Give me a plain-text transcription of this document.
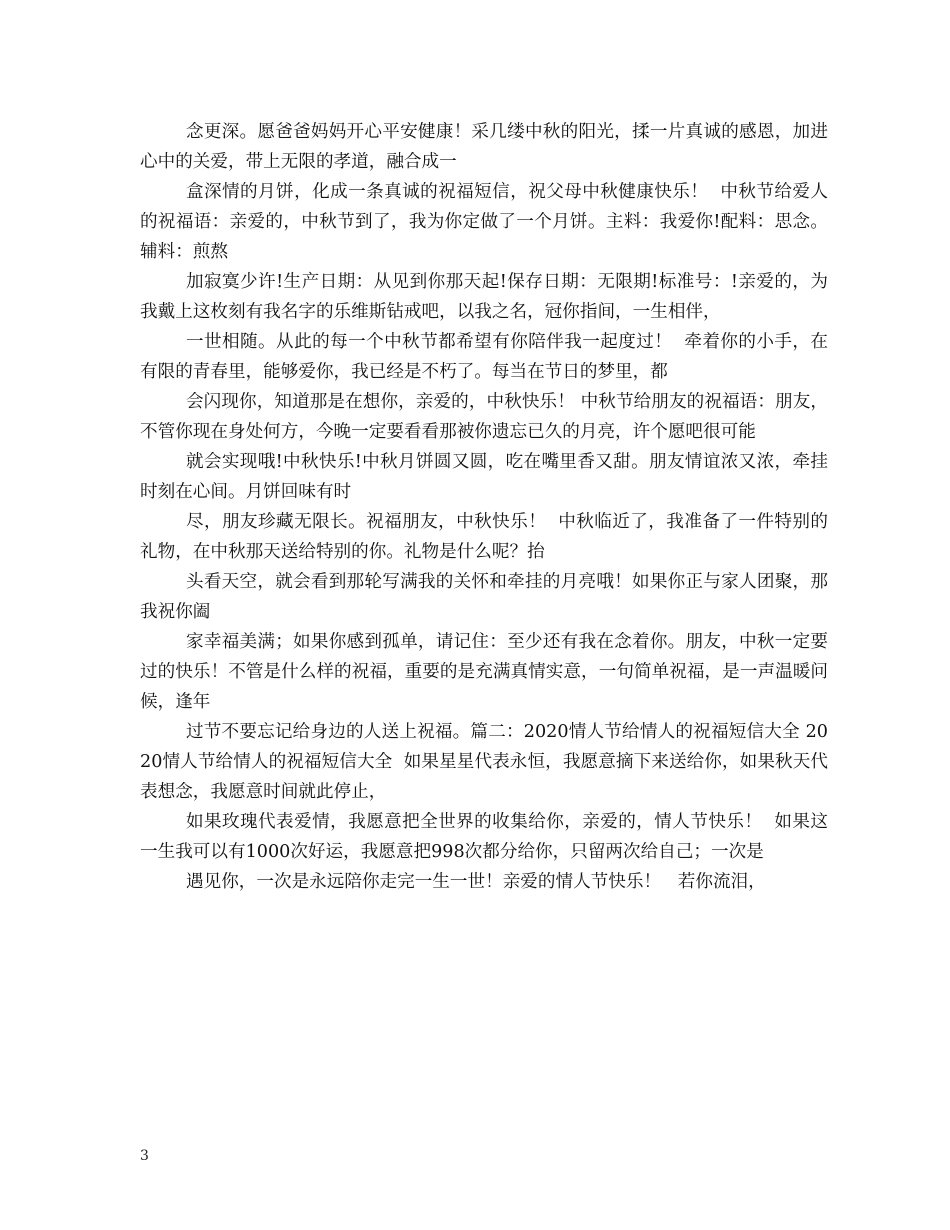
念更深。愿爸爸妈妈开心平安健康！采几缕中秋的阳光，揉一片真诚的感恩，加进心中的关爱，带上无限的孝道，融合成一

盒深情的月饼，化成一条真诚的祝福短信，祝父母中秋健康快乐！  中秋节给爱人的祝福语：亲爱的，中秋节到了，我为你定做了一个月饼。主料：我爱你!配料：思念。辅料：煎熬

加寂寞少许!生产日期：从见到你那天起!保存日期：无限期!标准号：!亲爱的，为我戴上这枚刻有我名字的乐维斯钻戒吧，以我之名，冠你指间，一生相伴，

一世相随。从此的每一个中秋节都希望有你陪伴我一起度过！  牵着你的小手，在有限的青春里，能够爱你，我已经是不朽了。每当在节日的梦里，都

会闪现你，知道那是在想你，亲爱的，中秋快乐！ 中秋节给朋友的祝福语：朋友，不管你现在身处何方，今晚一定要看看那被你遗忘已久的月亮，许个愿吧很可能

就会实现哦!中秋快乐!中秋月饼圆又圆，吃在嘴里香又甜。朋友情谊浓又浓，牵挂时刻在心间。月饼回味有时

尽，朋友珍藏无限长。祝福朋友，中秋快乐！  中秋临近了，我准备了一件特别的礼物，在中秋那天送给特别的你。礼物是什么呢？抬

头看天空，就会看到那轮写满我的关怀和牵挂的月亮哦！如果你正与家人团聚，那我祝你阖

家幸福美满；如果你感到孤单，请记住：至少还有我在念着你。朋友，中秋一定要过的快乐！不管是什么样的祝福，重要的是充满真情实意，一句简单祝福，是一声温暖问候，逢年

过节不要忘记给身边的人送上祝福。篇二：2020情人节给情人的祝福短信大全 2020情人节给情人的祝福短信大全  如果星星代表永恒，我愿意摘下来送给你，如果秋天代表想念，我愿意时间就此停止，

如果玫瑰代表爱情，我愿意把全世界的收集给你，亲爱的，情人节快乐！  如果这一生我可以有1000次好运，我愿意把998次都分给你，只留两次给自己；一次是

遇见你，一次是永远陪你走完一生一世！亲爱的情人节快乐！   若你流泪，

3
